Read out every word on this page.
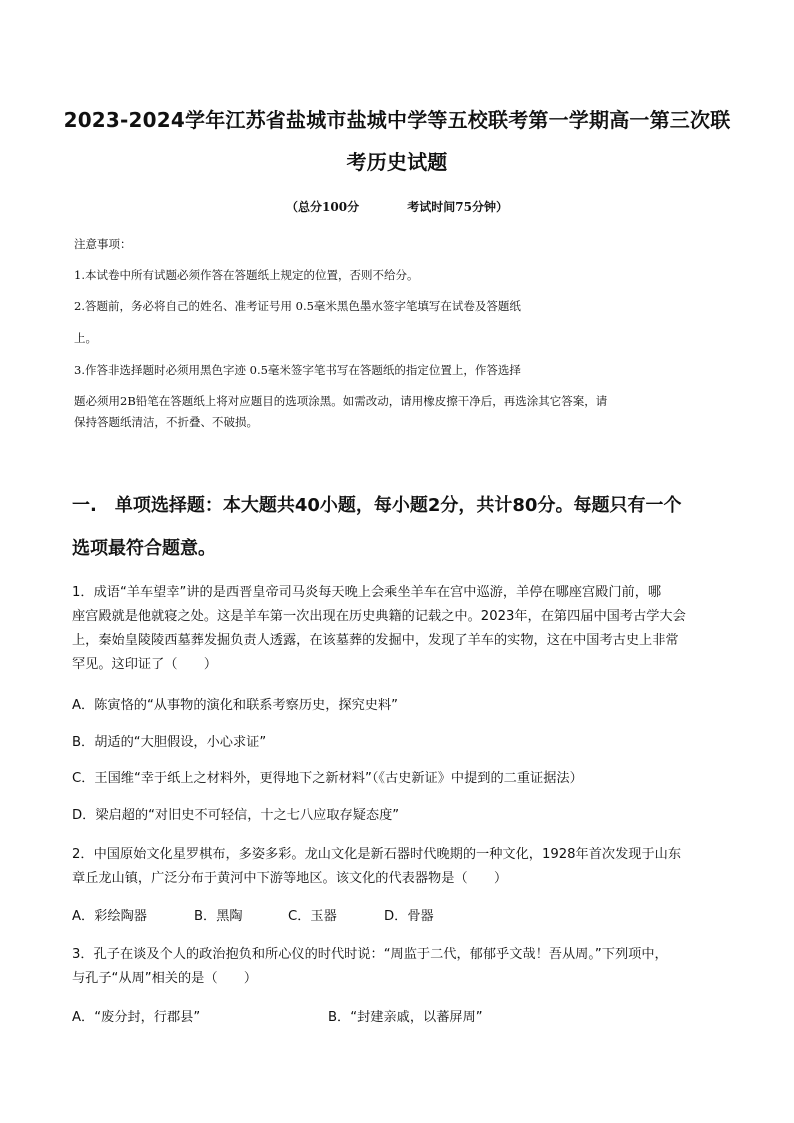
2023-2024学年江苏省盐城市盐城中学等五校联考第一学期高一第三次联
考历史试题
（总分100分	考试时间75分钟）
注意事项：
1.本试卷中所有试题必须作答在答题纸上规定的位置，否则不给分。
2.答题前，务必将自己的姓名、准考证号用 0.5毫米黑色墨水签字笔填写在试卷及答题纸
上。
3.作答非选择题时必须用黑色字迹 0.5毫米签字笔书写在答题纸的指定位置上，作答选择
题必须用2B铅笔在答题纸上将对应题目的选项涂黑。如需改动，请用橡皮擦干净后，再选涂其它答案，请
保持答题纸清洁，不折叠、不破损。
一.　单项选择题：本大题共40小题，每小题2分，共计80分。每题只有一个
选项最符合题意。
1．成语“羊车望幸”讲的是西晋皇帝司马炎每天晚上会乘坐羊车在宫中巡游，羊停在哪座宫殿门前，哪
座宫殿就是他就寝之处。这是羊车第一次出现在历史典籍的记载之中。2023年，在第四届中国考古学大会
上，秦始皇陵陵西墓葬发掘负责人透露，在该墓葬的发掘中，发现了羊车的实物，这在中国考古史上非常
罕见。这印证了（　　）
A．陈寅恪的“从事物的演化和联系考察历史，探究史料”
B．胡适的“大胆假设，小心求证”
C．王国维“幸于纸上之材料外，更得地下之新材料”（《古史新证》中提到的二重证据法）
D．梁启超的“对旧史不可轻信，十之七八应取存疑态度”
2．中国原始文化星罗棋布，多姿多彩。龙山文化是新石器时代晚期的一种文化，1928年首次发现于山东
章丘龙山镇，广泛分布于黄河中下游等地区。该文化的代表器物是（　　）
A．彩绘陶器	B．黑陶	C．玉器	D．骨器
3．孔子在谈及个人的政治抱负和所心仪的时代时说：“周监于二代，郁郁乎文哉！吾从周。”下列项中，
与孔子“从周”相关的是（　　）
A．“废分封，行郡县”	B．“封建亲戚，以蕃屏周”
